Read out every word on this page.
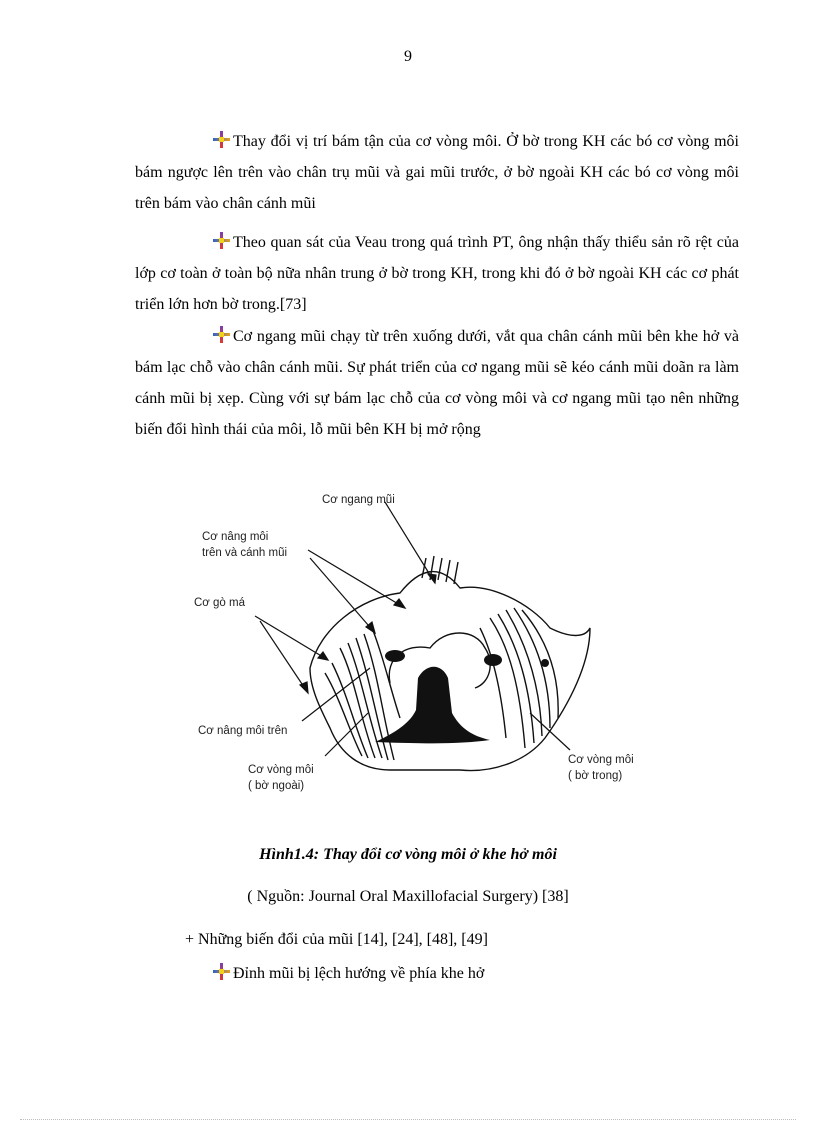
9

Thay đổi vị trí bám tận của cơ vòng môi. Ở bờ trong KH các bó cơ vòng môi bám ngược lên trên vào chân trụ mũi và gai mũi trước, ở bờ ngoài KH các bó cơ vòng môi trên bám vào chân cánh mũi

Theo quan sát của Veau trong quá trình PT, ông nhận thấy thiểu sản rõ rệt của lớp cơ toàn ở toàn bộ nữa nhân trung ở bờ trong KH, trong khi đó ở bờ ngoài KH các cơ phát triển lớn hơn bờ trong.[73]

Cơ ngang mũi chạy từ trên xuống dưới, vắt qua chân cánh mũi bên khe hở và bám lạc chỗ vào chân cánh mũi. Sự phát triển của cơ ngang mũi sẽ kéo cánh mũi doãn ra làm cánh mũi bị xẹp. Cùng với sự bám lạc chỗ của cơ vòng môi và cơ ngang mũi tạo nên những biến đổi hình thái của môi, lỗ mũi bên KH bị mở rộng

Cơ ngang mũi
Cơ nâng môi
trên và cánh mũi
Cơ gò má
Cơ nâng môi trên
Cơ vòng môi
( bờ ngoài)
Cơ vòng môi
( bờ trong)
Hình1.4: Thay đổi cơ vòng môi ở khe hở môi
( Nguồn: Journal Oral Maxillofacial Surgery) [38]
+ Những biến đổi của mũi [14], [24], [48], [49]
Đỉnh mũi bị lệch hướng về phía khe hở
